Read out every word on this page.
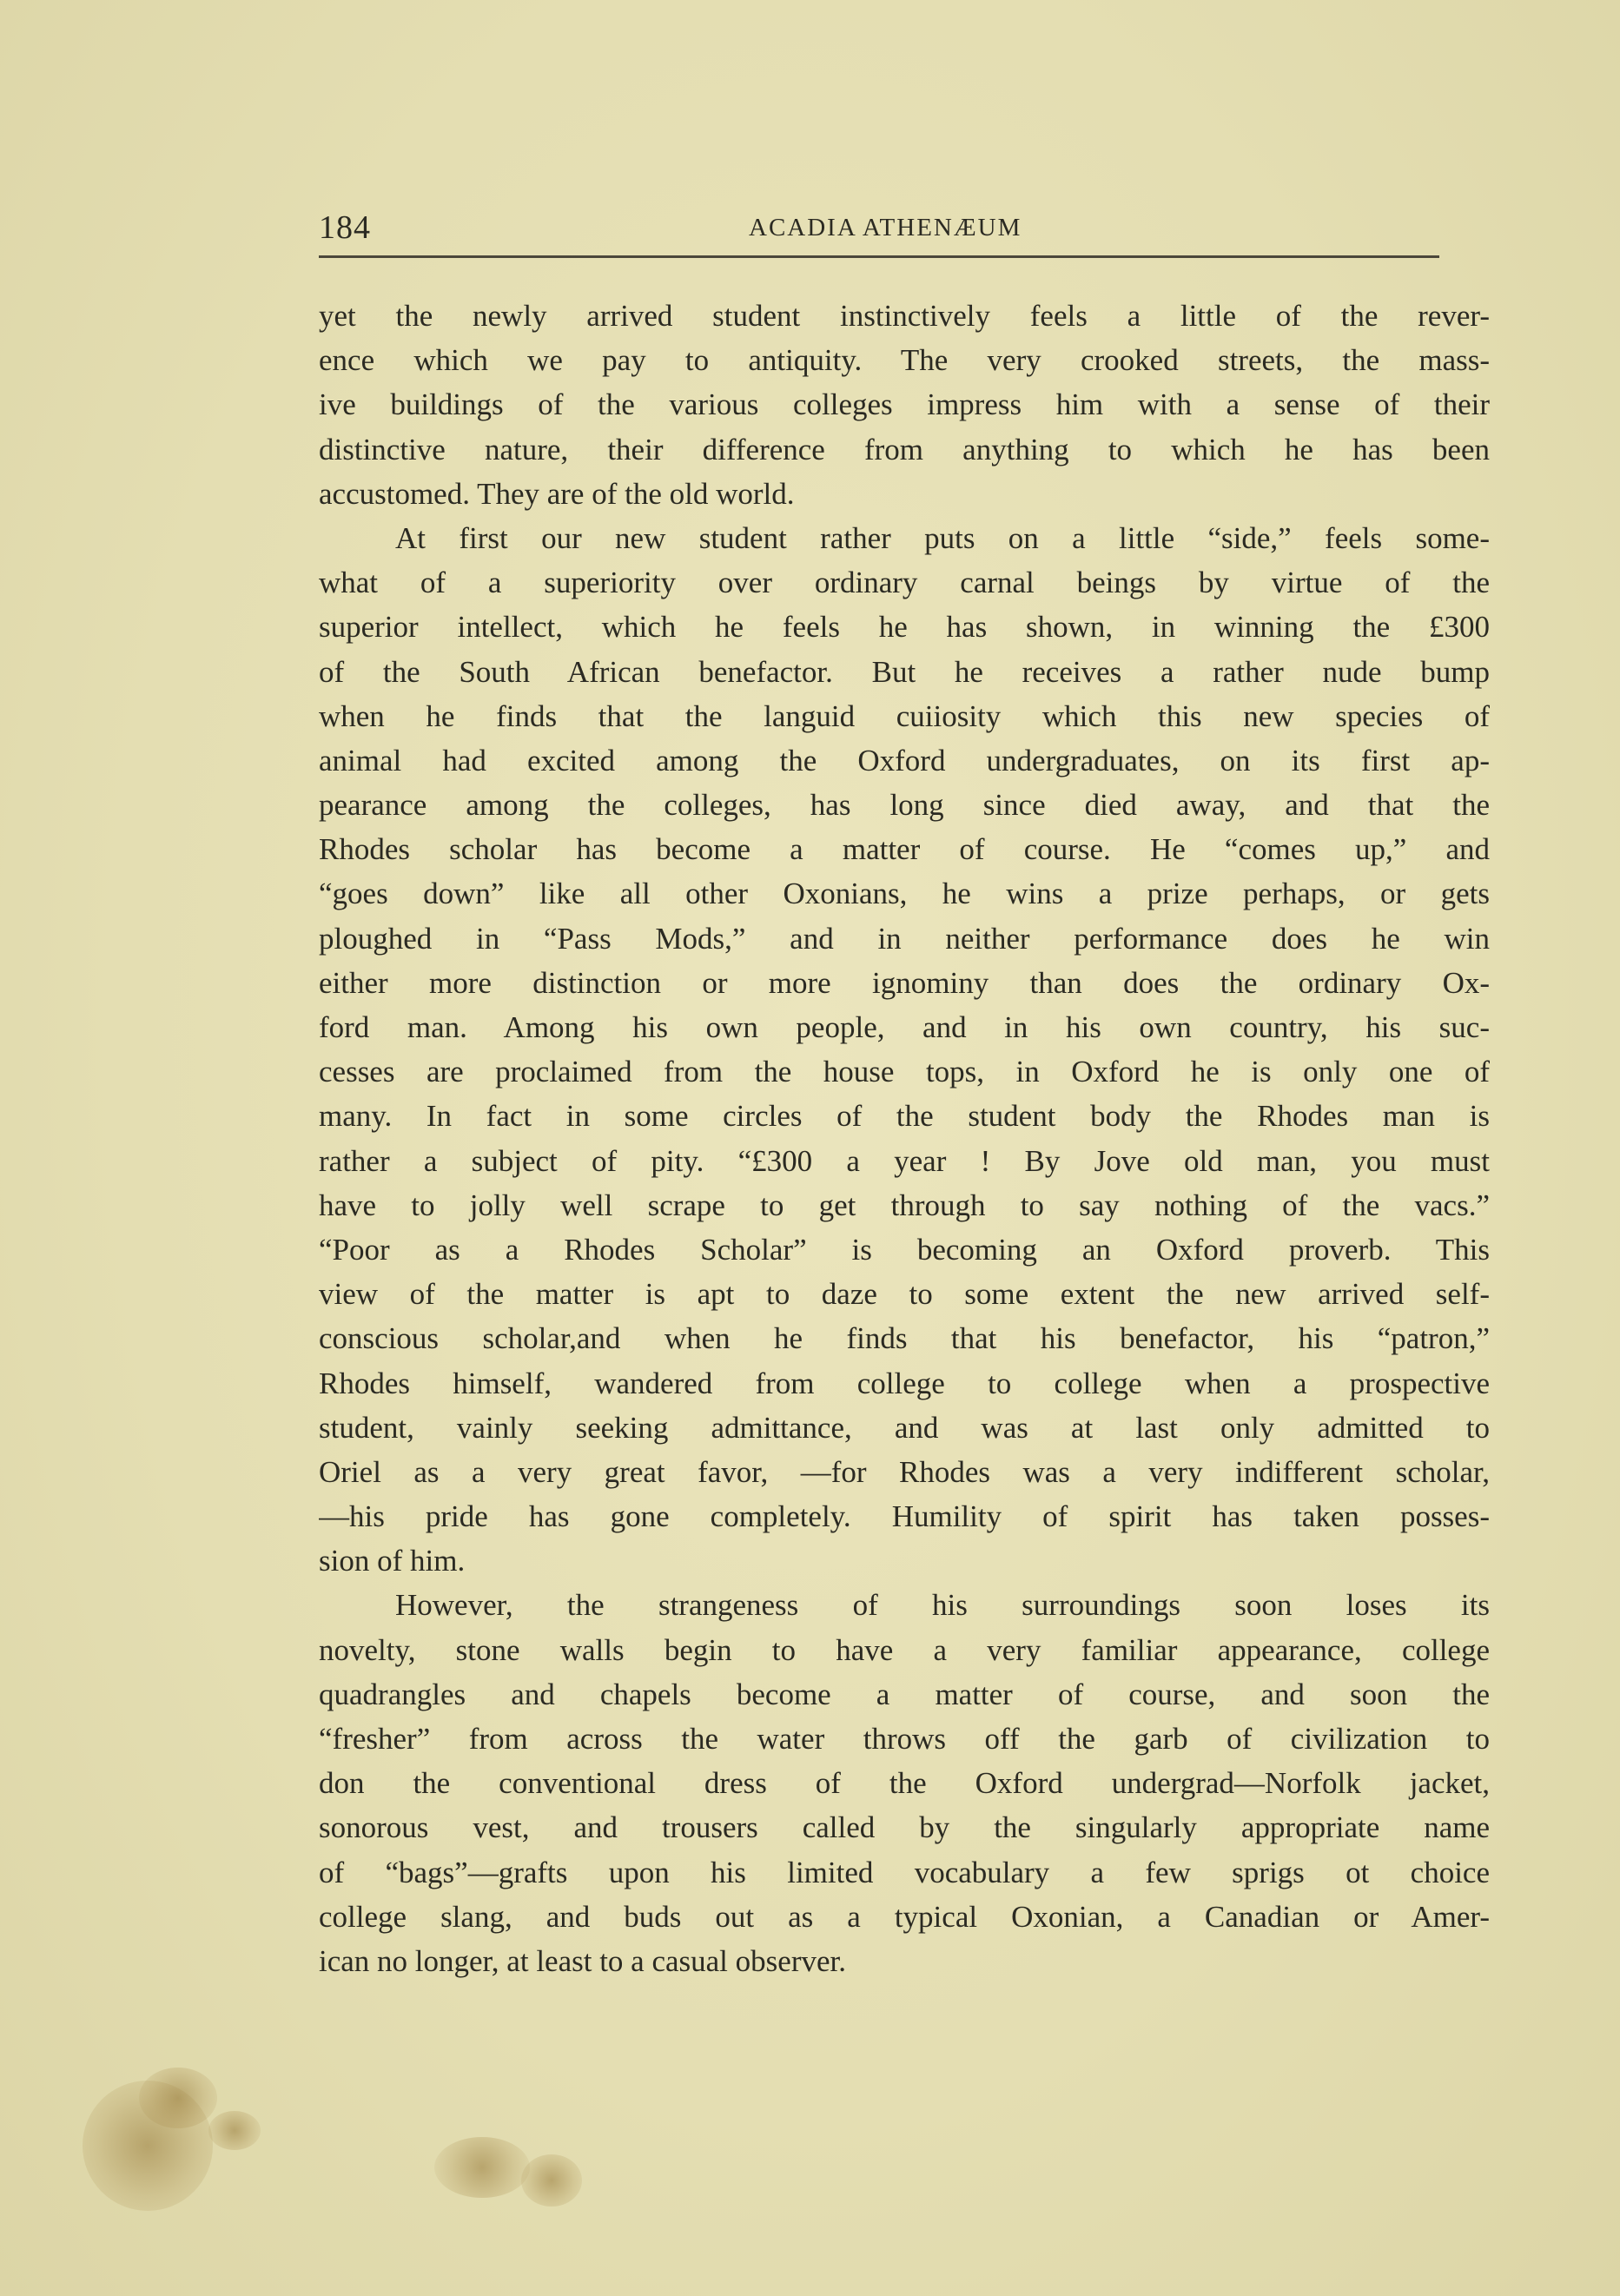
184	ACADIA ATHENÆUM
yet the newly arrived student instinctively feels a little of the rever-
ence which we pay to antiquity. The very crooked streets, the mass-
ive buildings of the various colleges impress him with a sense of their
distinctive nature, their difference from anything to which he has been
accustomed. They are of the old world.
At first our new student rather puts on a little “side,” feels some-
what of a superiority over ordinary carnal beings by virtue of the
superior intellect, which he feels he has shown, in winning the £300
of the South African benefactor. But he receives a rather nude bump
when he finds that the languid cuiiosity which this new species of
animal had excited among the Oxford undergraduates, on its first ap-
pearance among the colleges, has long since died away, and that the
Rhodes scholar has become a matter of course. He “comes up,” and
“goes down” like all other Oxonians, he wins a prize perhaps, or gets
ploughed in “Pass Mods,” and in neither performance does he win
either more distinction or more ignominy than does the ordinary Ox-
ford man. Among his own people, and in his own country, his suc-
cesses are proclaimed from the house tops, in Oxford he is only one of
many. In fact in some circles of the student body the Rhodes man is
rather a subject of pity. “£300 a year ! By Jove old man, you must
have to jolly well scrape to get through to say nothing of the vacs.”
“Poor as a Rhodes Scholar” is becoming an Oxford proverb. This
view of the matter is apt to daze to some extent the new arrived self-
conscious scholar,and when he finds that his benefactor, his “patron,”
Rhodes himself, wandered from college to college when a prospective
student, vainly seeking admittance, and was at last only admitted to
Oriel as a very great favor, —for Rhodes was a very indifferent scholar,
—his pride has gone completely. Humility of spirit has taken posses-
sion of him.
However, the strangeness of his surroundings soon loses its
novelty, stone walls begin to have a very familiar appearance, college
quadrangles and chapels become a matter of course, and soon the
“fresher” from across the water throws off the garb of civilization to
don the conventional dress of the Oxford undergrad—Norfolk jacket,
sonorous vest, and trousers called by the singularly appropriate name
of “bags”—grafts upon his limited vocabulary a few sprigs ot choice
college slang, and buds out as a typical Oxonian, a Canadian or Amer-
ican no longer, at least to a casual observer.
